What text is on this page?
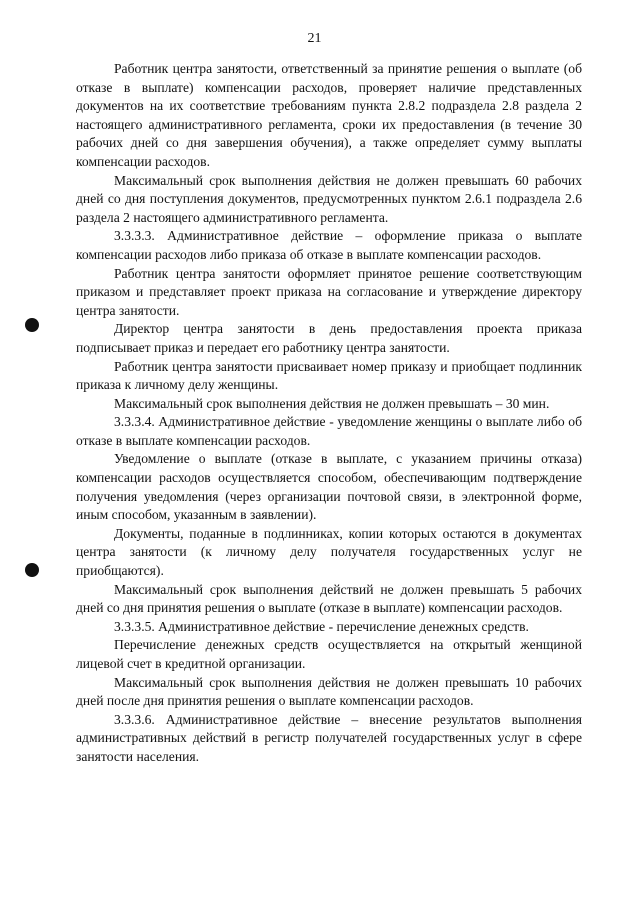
21

Работник центра занятости, ответственный за принятие решения о выплате (об отказе в выплате) компенсации расходов, проверяет наличие представленных документов на их соответствие требованиям пункта 2.8.2 подраздела 2.8 раздела 2 настоящего административного регламента, сроки их предоставления (в течение 30 рабочих дней со дня завершения обучения), а также определяет сумму выплаты компенсации расходов.

Максимальный срок выполнения действия не должен превышать 60 рабочих дней со дня поступления документов, предусмотренных пунктом 2.6.1 подраздела 2.6 раздела 2 настоящего административного регламента.

3.3.3.3. Административное действие – оформление приказа о выплате компенсации расходов либо приказа об отказе в выплате компенсации расходов.

Работник центра занятости оформляет принятое решение соответствующим приказом и представляет проект приказа на согласование и утверждение директору центра занятости.

Директор центра занятости в день предоставления проекта приказа подписывает приказ и передает его работнику центра занятости.

Работник центра занятости присваивает номер приказу и приобщает подлинник приказа к личному делу женщины.

Максимальный срок выполнения действия не должен превышать – 30 мин.

3.3.3.4. Административное действие - уведомление женщины о выплате либо об отказе в выплате компенсации расходов.

Уведомление о выплате (отказе в выплате, с указанием причины отказа) компенсации расходов осуществляется способом, обеспечивающим подтверждение получения уведомления (через организации почтовой связи, в электронной форме, иным способом, указанным в заявлении).

Документы, поданные в подлинниках, копии которых остаются в документах центра занятости (к личному делу получателя государственных услуг не приобщаются).

Максимальный срок выполнения действий не должен превышать 5 рабочих дней со дня принятия решения о выплате (отказе в выплате) компенсации расходов.

3.3.3.5. Административное действие - перечисление денежных средств.

Перечисление денежных средств осуществляется на открытый женщиной лицевой счет в кредитной организации.

Максимальный срок выполнения действия не должен превышать 10 рабочих дней после дня принятия решения о выплате компенсации расходов.

3.3.3.6. Административное действие – внесение результатов выполнения административных действий в регистр получателей государственных услуг в сфере занятости населения.
